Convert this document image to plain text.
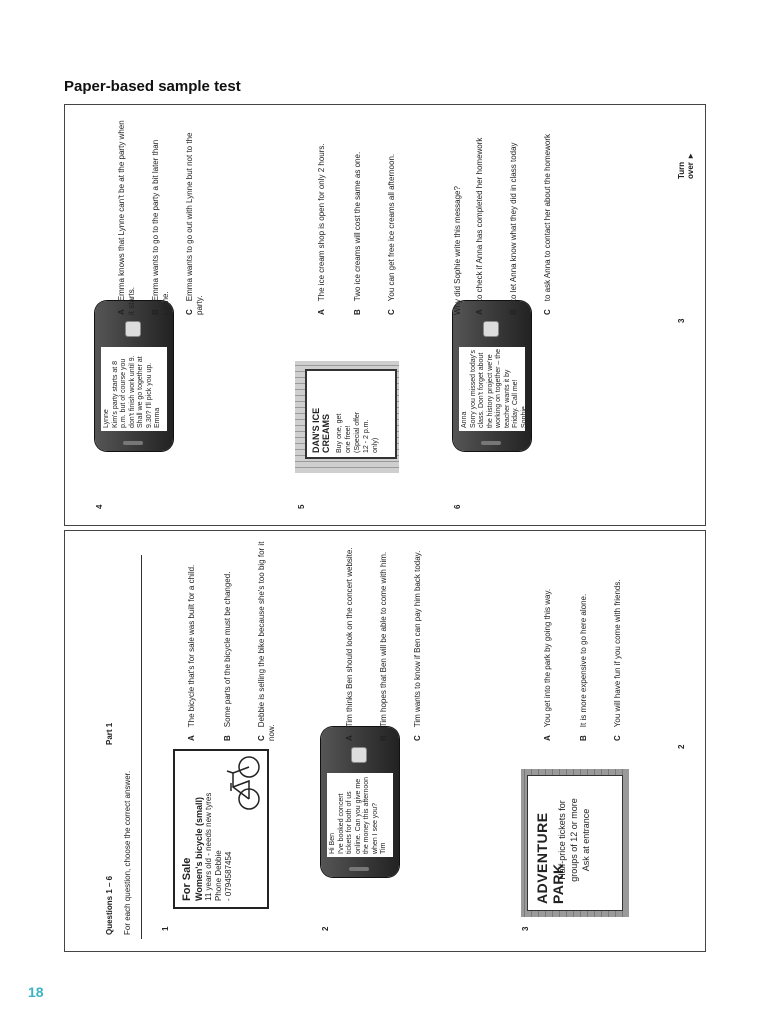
Paper-based sample test
4
Lynne
Kim's party starts at 8 p.m. but of course you don't finish work until 9. Shall we go together at 9.30? I'll pick you up.
Emma
AEmma knows that Lynne can't be at the party when it starts. BEmma wants to go to the party a bit later than Lynne. CEmma wants to go out with Lynne but not to the party.
5
DAN'S ICE CREAMS Buy one, get one free! (Special offer 12 - 2 p.m. only)
AThe ice cream shop is open for only 2 hours.
BTwo ice creams will cost the same as one.
CYou can get free ice creams all afternoon.
6
Anna
Sorry you missed today's class. Don't forget about the history project we're working on together – the teacher wants it by Friday. Call me!
Sophie
Why did Sophie write this message? Ato check if Anna has completed her homework
Bto let Anna know what they did in class today
Cto ask Anna to contact her about the homework
3
Turn over ►
Questions 1 – 6 For each question, choose the correct answer.
Part 1
1
For Sale Women's bicycle (small) 11 years old - needs new tyres Phone Debbie - 0794587454
AThe bicycle that's for sale was built for a child.
BSome parts of the bicycle must be changed.
CDebbie is selling the bike because she's too big for it now.
2
Hi Ben
I've booked concert tickets for both of us online. Can you give me the money this afternoon when I see you?
Tim
ATim thinks Ben should look on the concert website.
BTim hopes that Ben will be able to come with him.
CTim wants to know if Ben can pay him back today.
3
ADVENTURE PARK
Half-price tickets for groups of 12 or more Ask at entrance
AYou get into the park by going this way.
BIt is more expensive to go here alone.
CYou will have fun if you come with friends.
2
18
